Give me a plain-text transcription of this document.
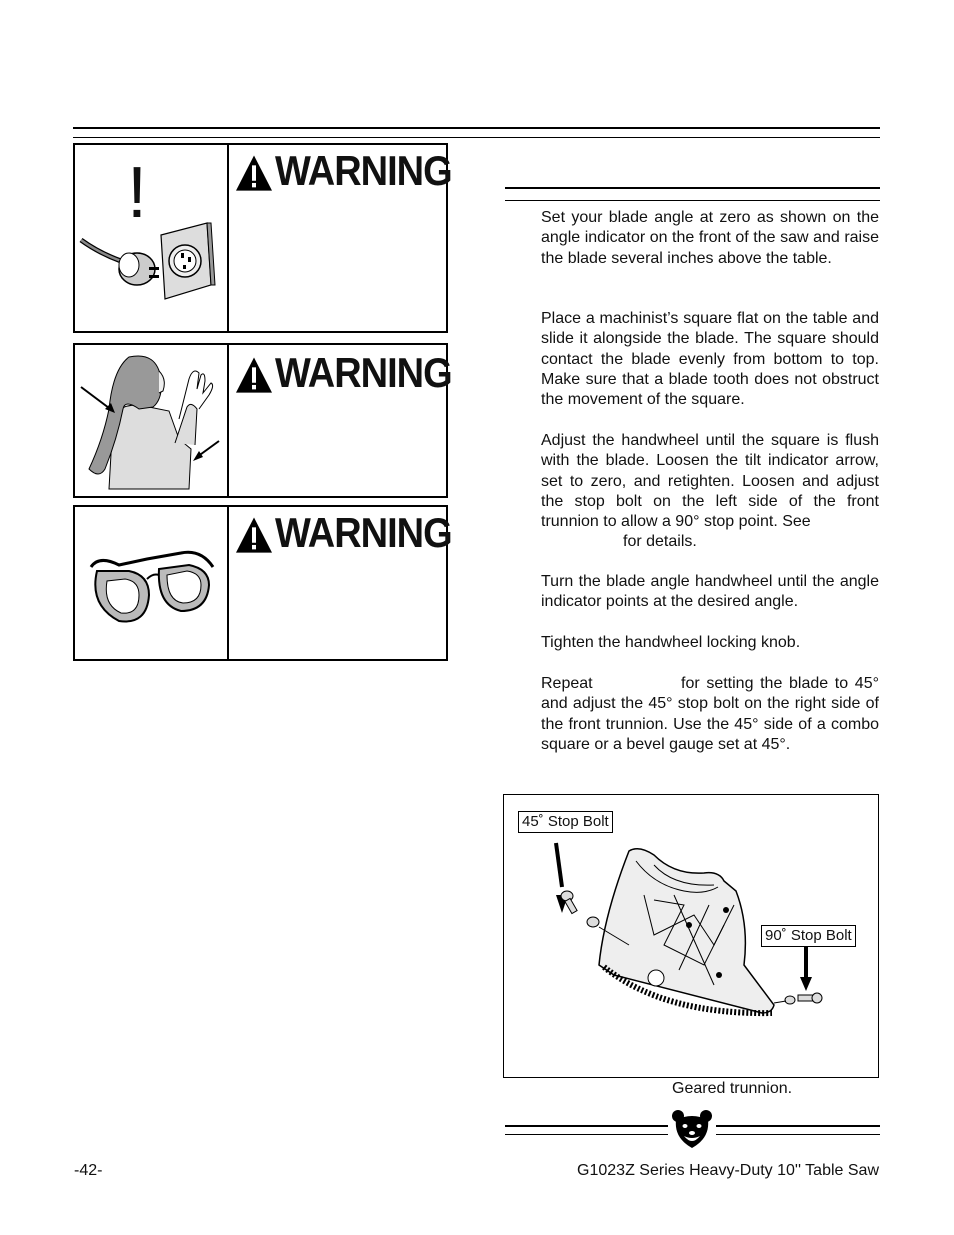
!	WARNING
WARNING
WARNING
Set your blade angle at zero as shown on the angle indicator on the front of the saw and raise the blade several inches above the table.
Place a machinist’s square flat on the table and slide it alongside the blade. The square should contact the blade evenly from bottom to top. Make sure that a blade tooth does not obstruct the movement of the square.
Adjust the handwheel until the square is flush with the blade. Loosen the tilt indicator arrow, set to zero, and retighten. Loosen and adjust the stop bolt on the left side of the front trunnion to allow a 90° stop point. See
for details.
Turn the blade angle handwheel until the angle indicator points at the desired angle.
Tighten the handwheel locking knob.
Repeat	for setting the blade to 45° and adjust the 45° stop bolt on the right side of the front trunnion. Use the 45° side of a combo square or a bevel gauge set at 45°.
45˚ Stop Bolt
90˚ Stop Bolt
Geared trunnion.
-42-	G1023Z Series Heavy-Duty 10'' Table Saw
